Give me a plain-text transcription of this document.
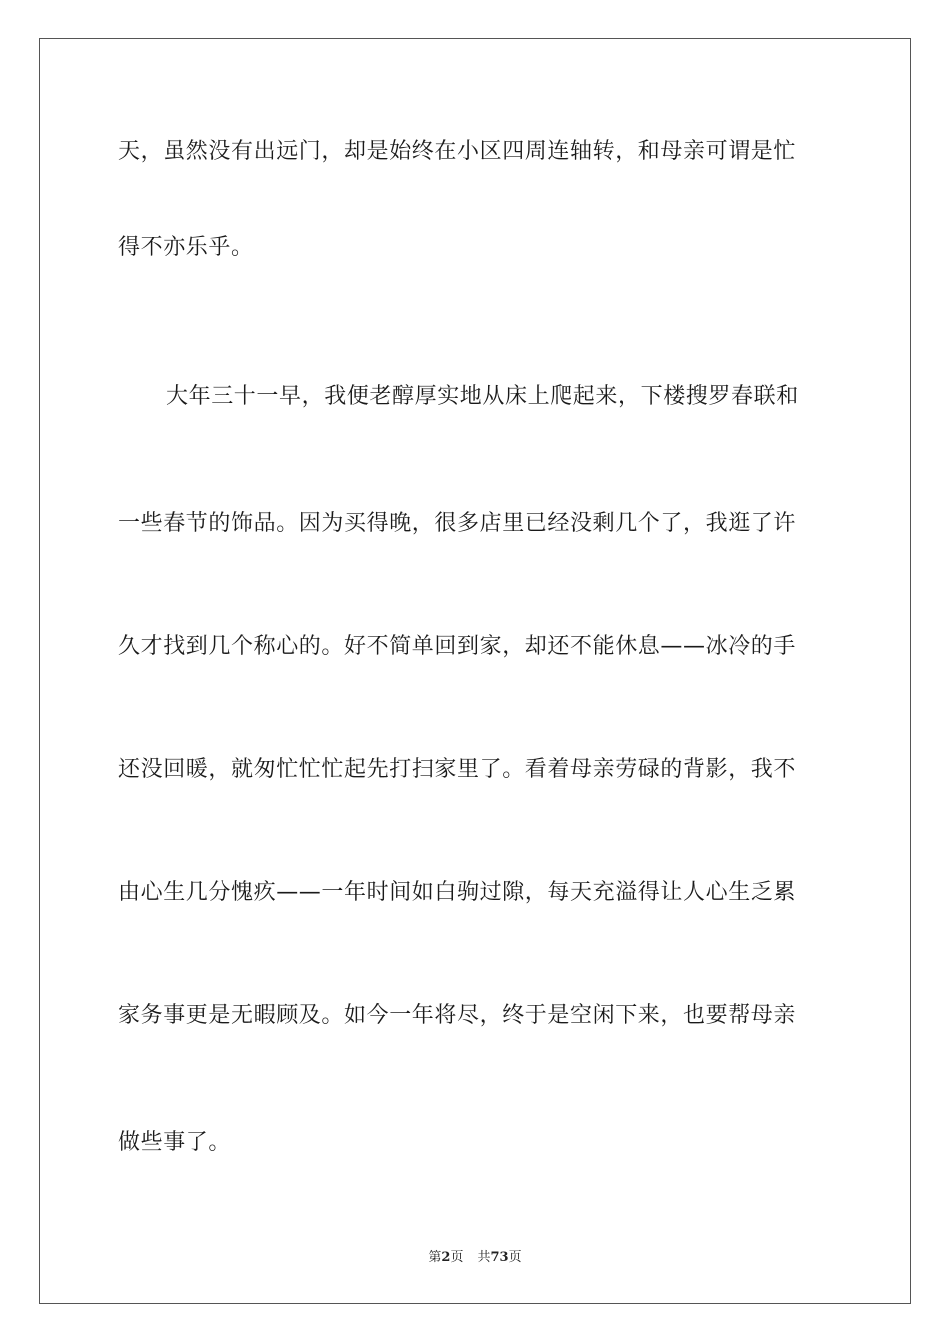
天，虽然没有出远门，却是始终在小区四周连轴转，和母亲可谓是忙
得不亦乐乎。
大年三十一早，我便老醇厚实地从床上爬起来，下楼搜罗春联和
一些春节的饰品。因为买得晚，很多店里已经没剩几个了，我逛了许
久才找到几个称心的。好不简单回到家，却还不能休息——冰冷的手
还没回暖，就匆忙忙忙起先打扫家里了。看着母亲劳碌的背影，我不
由心生几分愧疚——一年时间如白驹过隙，每天充溢得让人心生乏累
家务事更是无暇顾及。如今一年将尽，终于是空闲下来，也要帮母亲
做些事了。
第2页 共73页
